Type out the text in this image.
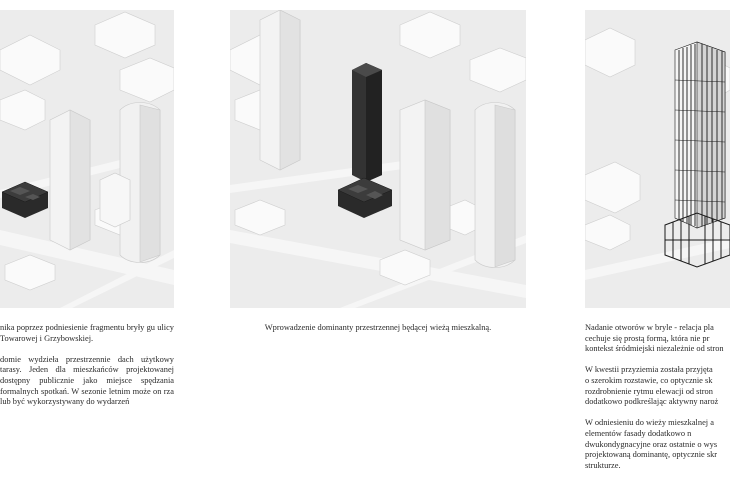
nika poprzez podniesienie fragmentu bryły gu ulicy Towarowej i Grzybowskiej.

domie wydzieła przestrzennie dach użytkowy tarasy. Jeden dla mieszkańców projektowanej dostępny publicznie jako miejsce spędzania formalnych spotkań. W sezonie letnim może on rza lub być wykorzystywany do wydarzeń

Wprowadzenie dominanty przestrzennej będącej wieżą mieszkalną.	Nadanie otworów w bryle - relacja pla
cechuje się prostą formą, która nie pr
kontekst śródmiejski niezależnie od stron

W kwestii przyziemia została przyjęta
o szerokim rozstawie, co optycznie sk
rozdrobnienie rytmu elewacji od stron
dodatkowo podkreślając aktywny naroż

W odniesieniu do wieży mieszkalnej a
elementów fasady dodatkowo n
dwukondygnacyjne oraz ostatnie o wys
projektowaną dominantę, optycznie skr
strukturze.
